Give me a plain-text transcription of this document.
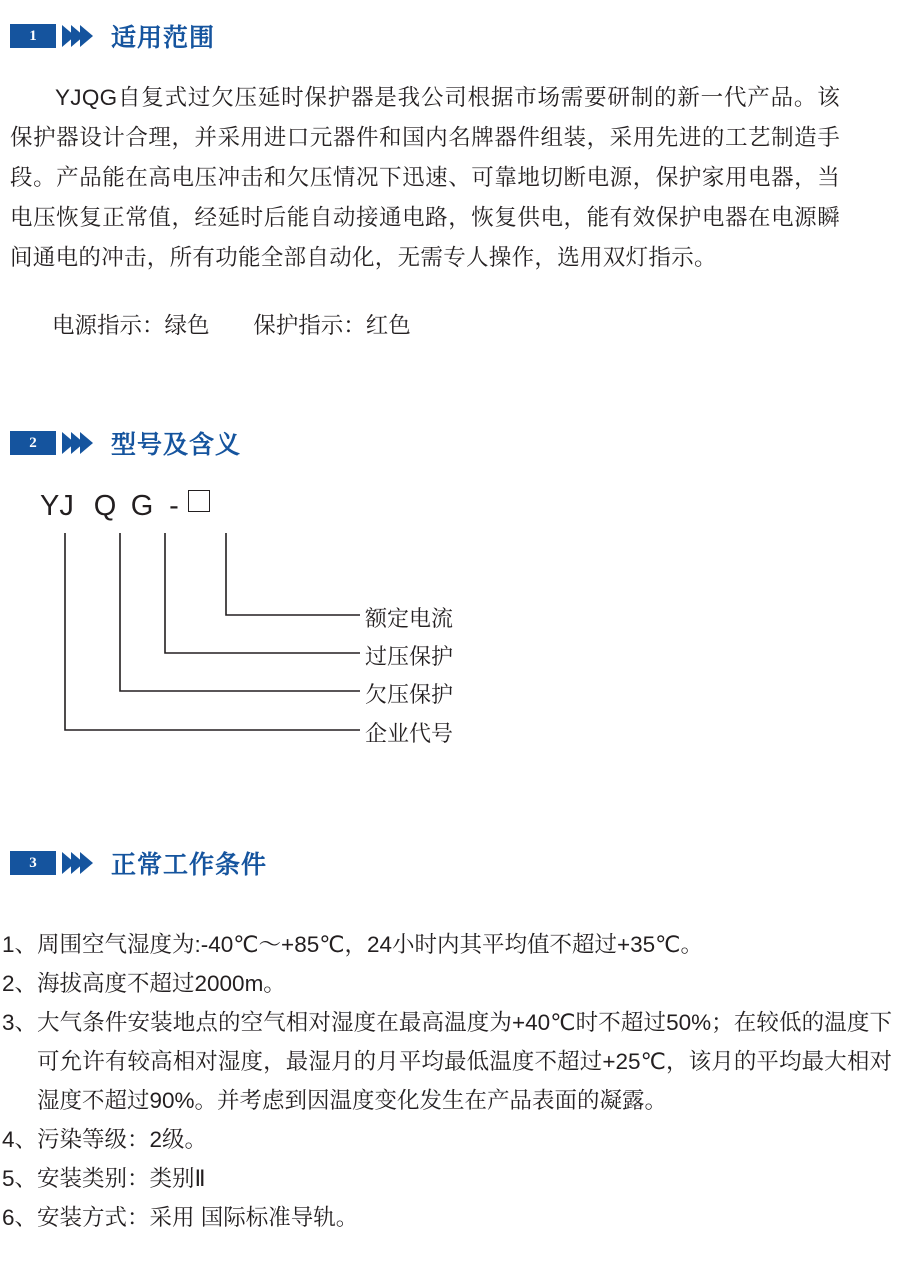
1	适用范围
YJQG自复式过欠压延时保护器是我公司根据市场需要研制的新一代产品。该保护器设计合理，并采用进口元器件和国内名牌器件组装，采用先进的工艺制造手段。产品能在高电压冲击和欠压情况下迅速、可靠地切断电源，保护家用电器，当电压恢复正常值，经延时后能自动接通电路，恢复供电，能有效保护电器在电源瞬间通电的冲击，所有功能全部自动化，无需专人操作，选用双灯指示。
电源指示：绿色       保护指示：红色
2	型号及含义
YJ Q G -
额定电流
过压保护
欠压保护
企业代号
3	正常工作条件
1、 周围空气湿度为:-40℃～+85℃，24小时内其平均值不超过+35℃。
2、 海拔高度不超过2000m。
3、 大气条件安装地点的空气相对湿度在最高温度为+40℃时不超过50%；在较低的温度下可允许有较高相对湿度，最湿月的月平均最低温度不超过+25℃，该月的平均最大相对湿度不超过90%。并考虑到因温度变化发生在产品表面的凝露。
4、 污染等级：2级。
5、 安装类别：类别Ⅱ
6、 安装方式：采用 国际标准导轨。
